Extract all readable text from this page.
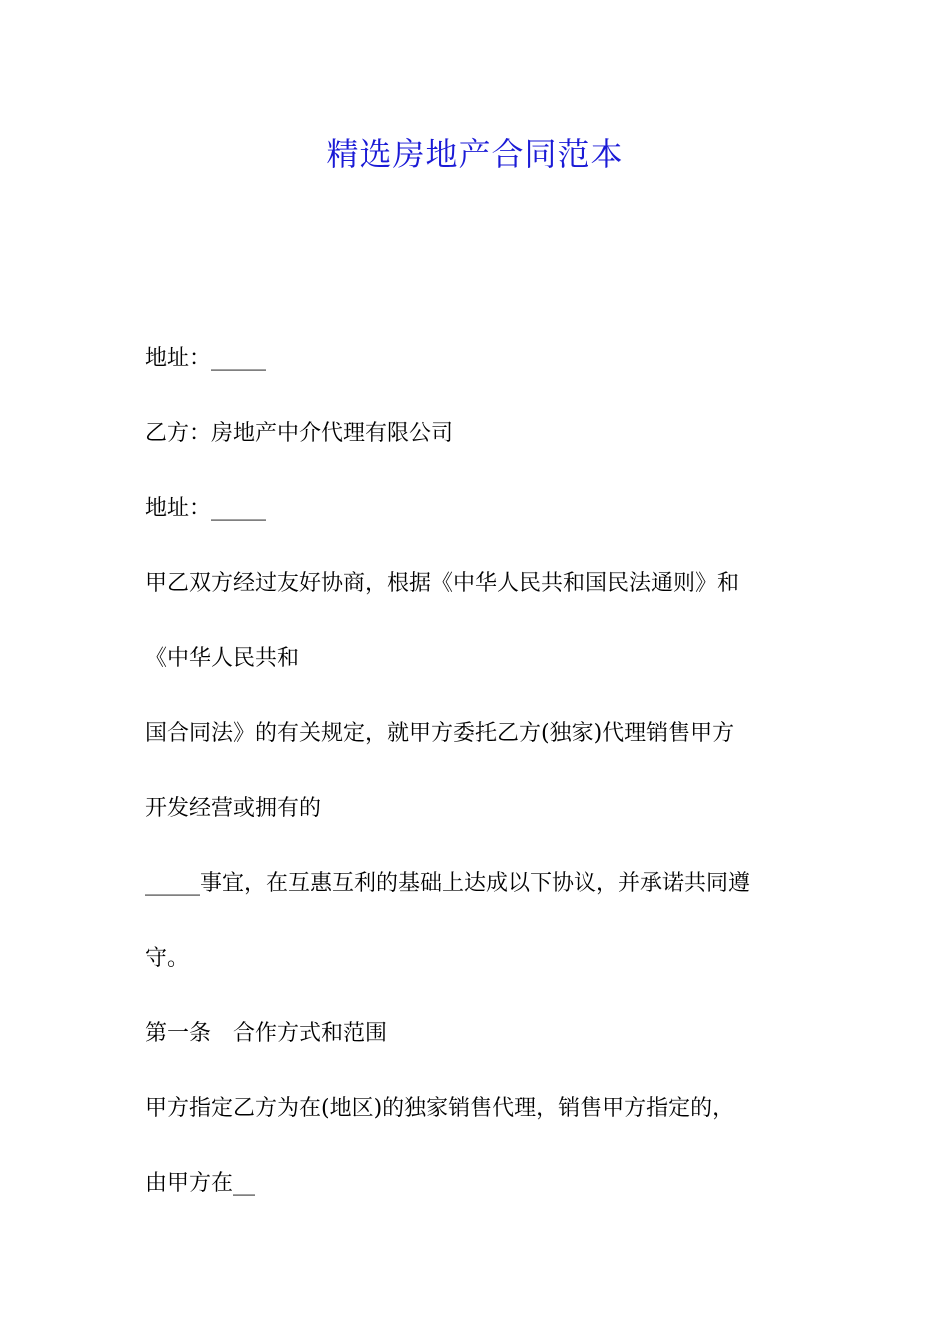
精选房地产合同范本
地址：_____
乙方：房地产中介代理有限公司
地址：_____
甲乙双方经过友好协商，根据《中华人民共和国民法通则》和
《中华人民共和
国合同法》的有关规定，就甲方委托乙方(独家)代理销售甲方
开发经营或拥有的
_____事宜，在互惠互利的基础上达成以下协议，并承诺共同遵
守。
第一条　合作方式和范围
甲方指定乙方为在(地区)的独家销售代理，销售甲方指定的，
由甲方在__
